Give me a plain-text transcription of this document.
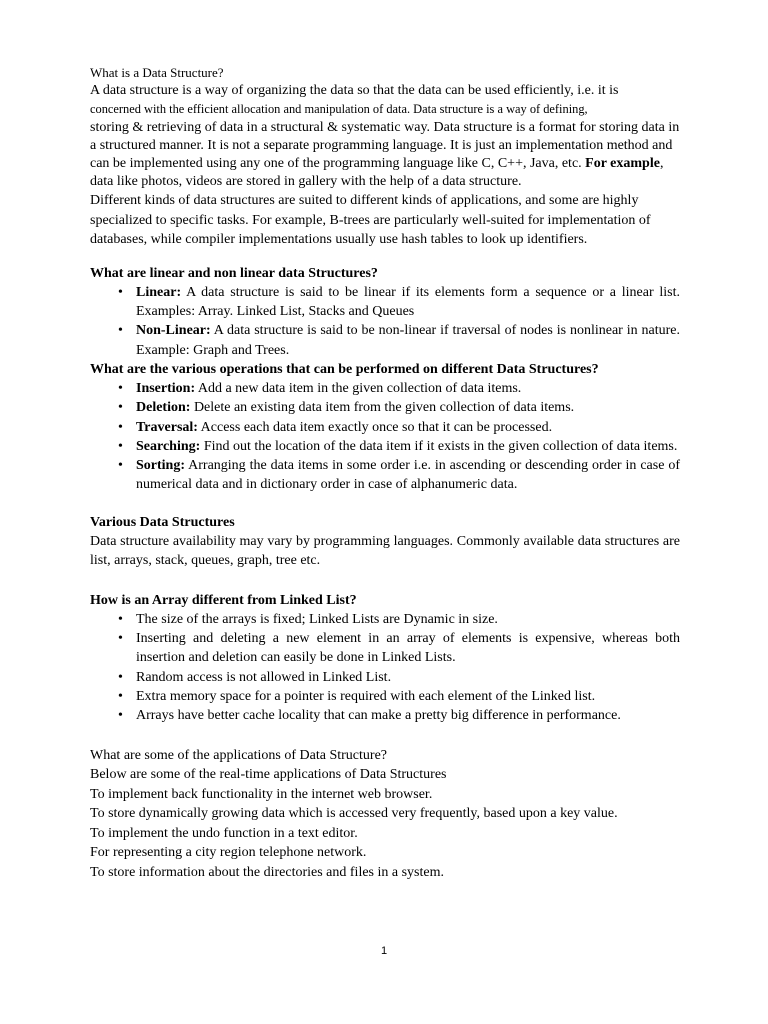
What is a Data Structure?

A data structure is a way of organizing the data so that the data can be used efficiently, i.e. it is
concerned with the efficient allocation and manipulation of data. Data structure is a way of defining,
storing & retrieving of data in a structural & systematic way. Data structure is a format for storing data in a structured manner. It is not a separate programming language. It is just an implementation method and can be implemented using any one of the programming language like C, C++, Java, etc. For example, data like photos, videos are stored in gallery with the help of a data structure.

Different kinds of data structures are suited to different kinds of applications, and some are highly specialized to specific tasks. For example, B-trees are particularly well-suited for implementation of databases, while compiler implementations usually use hash tables to look up identifiers.

What are linear and non linear data Structures?
• Linear: A data structure is said to be linear if its elements form a sequence or a linear list. Examples: Array. Linked List, Stacks and Queues
• Non-Linear: A data structure is said to be non-linear if traversal of nodes is nonlinear in nature. Example: Graph and Trees.
What are the various operations that can be performed on different Data Structures?
• Insertion: Add a new data item in the given collection of data items.
• Deletion: Delete an existing data item from the given collection of data items.
• Traversal: Access each data item exactly once so that it can be processed.
• Searching: Find out the location of the data item if it exists in the given collection of data items.
• Sorting: Arranging the data items in some order i.e. in ascending or descending order in case of numerical data and in dictionary order in case of alphanumeric data.
Various Data Structures

Data structure availability may vary by programming languages. Commonly available data structures are list, arrays, stack, queues, graph, tree etc.

How is an Array different from Linked List?
• The size of the arrays is fixed; Linked Lists are Dynamic in size.
• Inserting and deleting a new element in an array of elements is expensive, whereas both insertion and deletion can easily be done in Linked Lists.
• Random access is not allowed in Linked List.
• Extra memory space for a pointer is required with each element of the Linked list.
• Arrays have better cache locality that can make a pretty big difference in performance.

What are some of the applications of Data Structure?

Below are some of the real-time applications of Data Structures

To implement back functionality in the internet web browser.

To store dynamically growing data which is accessed very frequently, based upon a key value.

To implement the undo function in a text editor.

For representing a city region telephone network.

To store information about the directories and files in a system.

1
